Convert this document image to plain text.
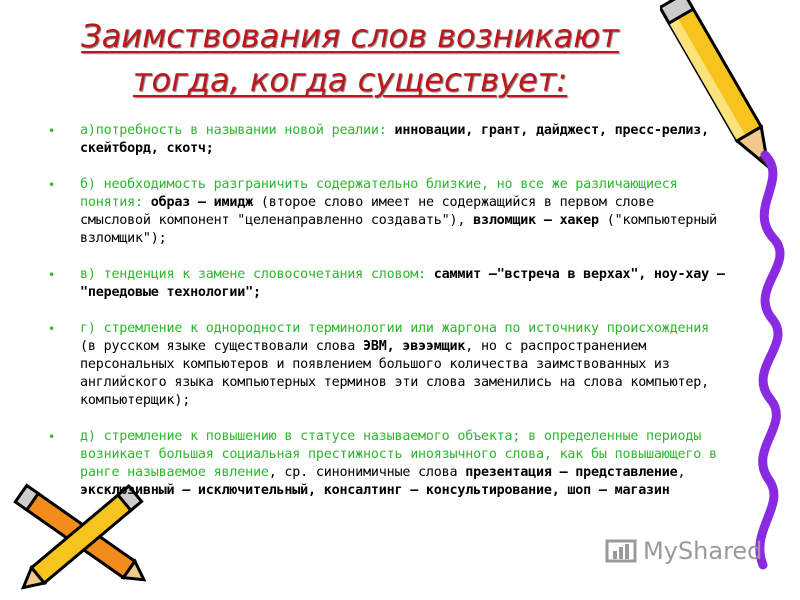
Заимствования слов возникают
тогда, когда существует:
• а)потребность в назывании новой реалии: инновации, грант, дайджест, пресс-релиз, скейтборд, скотч;
• б) необходимость разграничить содержательно близкие, но все же различающиеся понятия: образ – имидж (второе слово имеет не содержащийся в первом слове смысловой компонент "целенаправленно создавать"), взломщик – хакер ("компьютерный взломщик");
• в) тенденция к замене словосочетания словом: саммит –"встреча в верхах", ноу-хау – "передовые технологии";
• г) стремление к однородности терминологии или жаргона по источнику происхождения (в русском языке существовали слова ЭВМ, эвээмщик, но с распространением персональных компьютеров и появлением большого количества заимствованных из английского языка компьютерных терминов эти слова заменились на слова компьютер, компьютерщик);
• д) стремление к повышению в статусе называемого объекта; в определенные периоды возникает большая социальная престижность иноязычного слова, как бы повышающего в ранге называемое явление, ср. синонимичные слова презентация – представление, эксклюзивный – исключительный, консалтинг – консультирование, шоп – магазин
MyShared
